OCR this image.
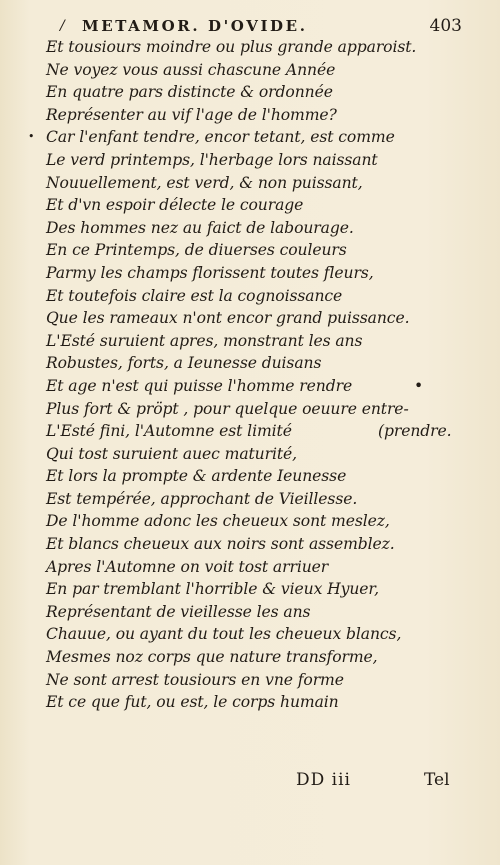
/ METAMOR. D'OVIDE.	403
Et tousiours moindre ou plus grande apparoist.
Ne voyez vous aussi chascune Année
En quatre pars distincte & ordonnée
Représenter au vif l'age de l'homme?
Car l'enfant tendre, encor tetant, est comme
•
Le verd printemps, l'herbage lors naissant
Nouuellement, est verd, & non puissant,
Et d'vn espoir délecte le courage
Des hommes nez au faict de labourage.
En ce Printemps, de diuerses couleurs
Parmy les champs florissent toutes fleurs,
Et toutefois claire est la cognoissance
Que les rameaux n'ont encor grand puissance.
L'Esté suruient apres, monstrant les ans
Robustes, forts, a Ieunesse duisans
Et age n'est qui puisse l'homme rendre	•
Plus fort & pröpt , pour quelque oeuure entre-
L'Esté fini, l'Automne est limité	(prendre.
Qui tost suruient auec maturité,
Et lors la prompte & ardente Ieunesse
Est tempérée, approchant de Vieillesse.
De l'homme adonc les cheueux sont meslez,
Et blancs cheueux aux noirs sont assemblez.
Apres l'Automne on voit tost arriuer
En par tremblant l'horrible & vieux Hyuer,
Représentant de vieillesse les ans
Chauue, ou ayant du tout les cheueux blancs,
Mesmes noz corps que nature transforme,
Ne sont arrest tousiours en vne forme
Et ce que fut, ou est, le corps humain
DD iii	Tel
